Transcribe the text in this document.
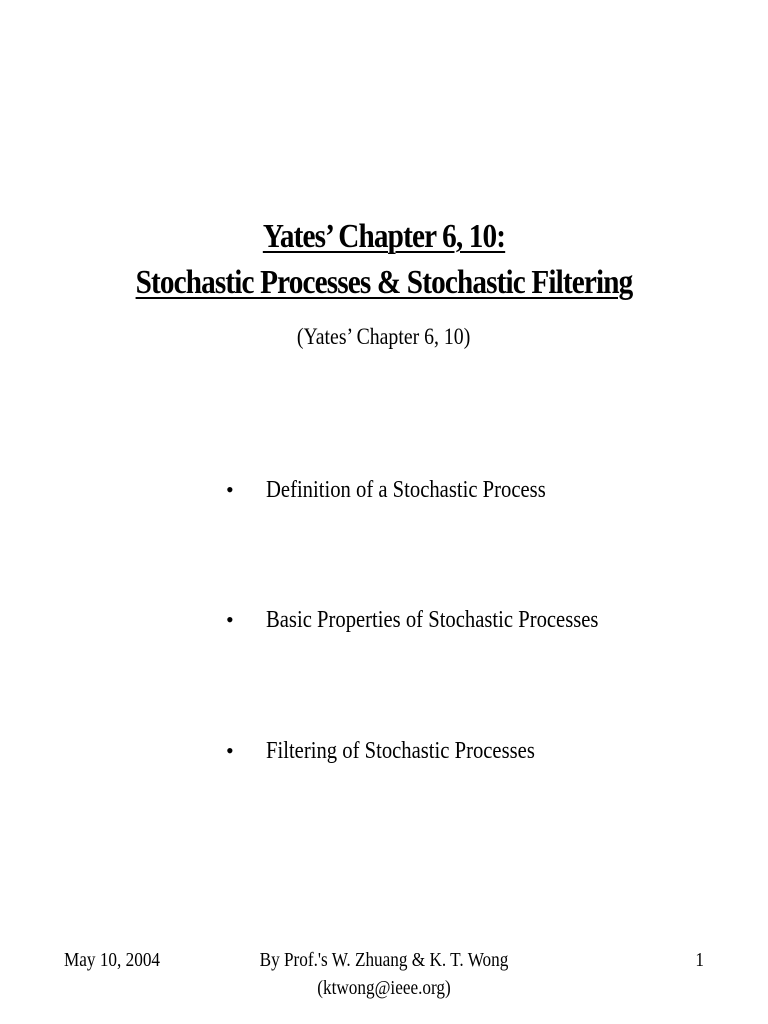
Yates’ Chapter 6, 10:
Stochastic Processes & Stochastic Filtering
(Yates’ Chapter 6, 10)
•	Definition of a Stochastic Process
•	Basic Properties of Stochastic Processes
•	Filtering of Stochastic Processes
May 10, 2004	By Prof.'s W. Zhuang & K. T. Wong
(ktwong@ieee.org)
1
